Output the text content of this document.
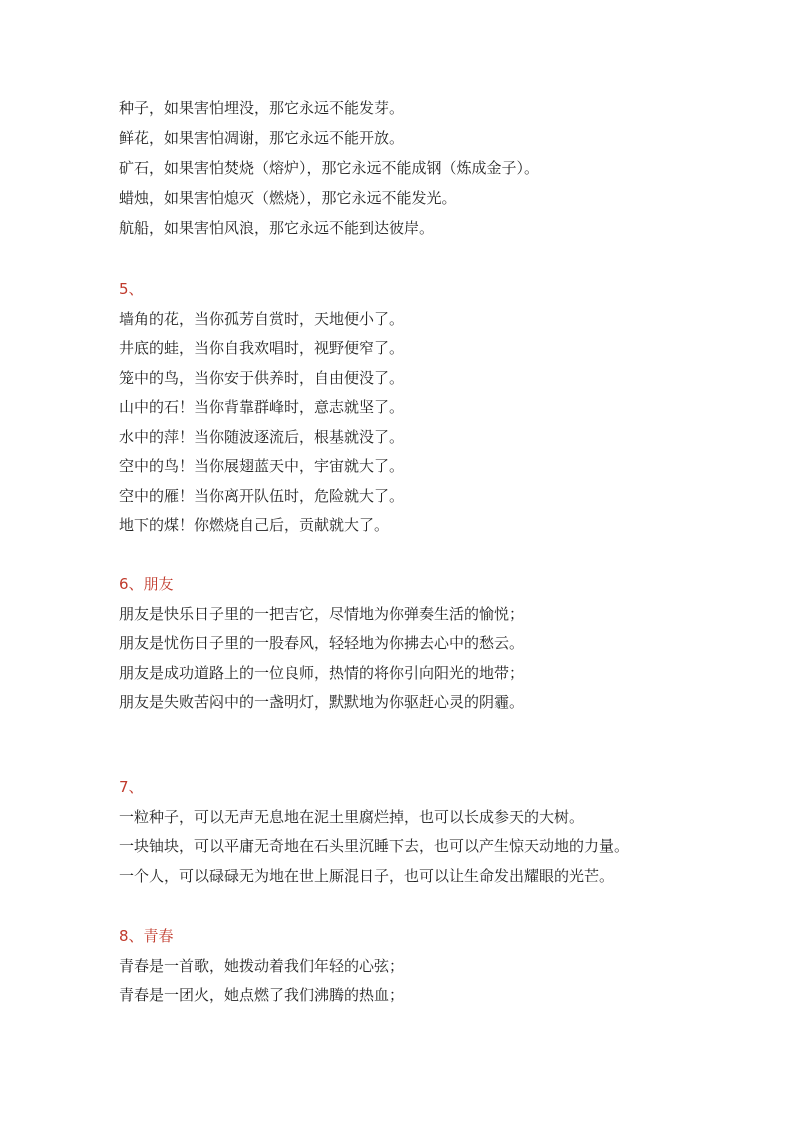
种子，如果害怕埋没，那它永远不能发芽。
鲜花，如果害怕凋谢，那它永远不能开放。
矿石，如果害怕焚烧（熔炉），那它永远不能成钢（炼成金子）。
蜡烛，如果害怕熄灭（燃烧），那它永远不能发光。
航船，如果害怕风浪，那它永远不能到达彼岸。
5、
墙角的花，当你孤芳自赏时，天地便小了。
井底的蛙，当你自我欢唱时，视野便窄了。
笼中的鸟，当你安于供养时，自由便没了。
山中的石！当你背靠群峰时，意志就坚了。
水中的萍！当你随波逐流后，根基就没了。
空中的鸟！当你展翅蓝天中，宇宙就大了。
空中的雁！当你离开队伍时，危险就大了。
地下的煤！你燃烧自己后，贡献就大了。
6、朋友
朋友是快乐日子里的一把吉它，尽情地为你弹奏生活的愉悦；
朋友是忧伤日子里的一股春风，轻轻地为你拂去心中的愁云。
朋友是成功道路上的一位良师，热情的将你引向阳光的地带；
朋友是失败苦闷中的一盏明灯，默默地为你驱赶心灵的阴霾。
7、
一粒种子，可以无声无息地在泥土里腐烂掉，也可以长成参天的大树。
一块铀块，可以平庸无奇地在石头里沉睡下去，也可以产生惊天动地的力量。
一个人，可以碌碌无为地在世上厮混日子，也可以让生命发出耀眼的光芒。
8、青春
青春是一首歌，她拨动着我们年轻的心弦；
青春是一团火，她点燃了我们沸腾的热血；
